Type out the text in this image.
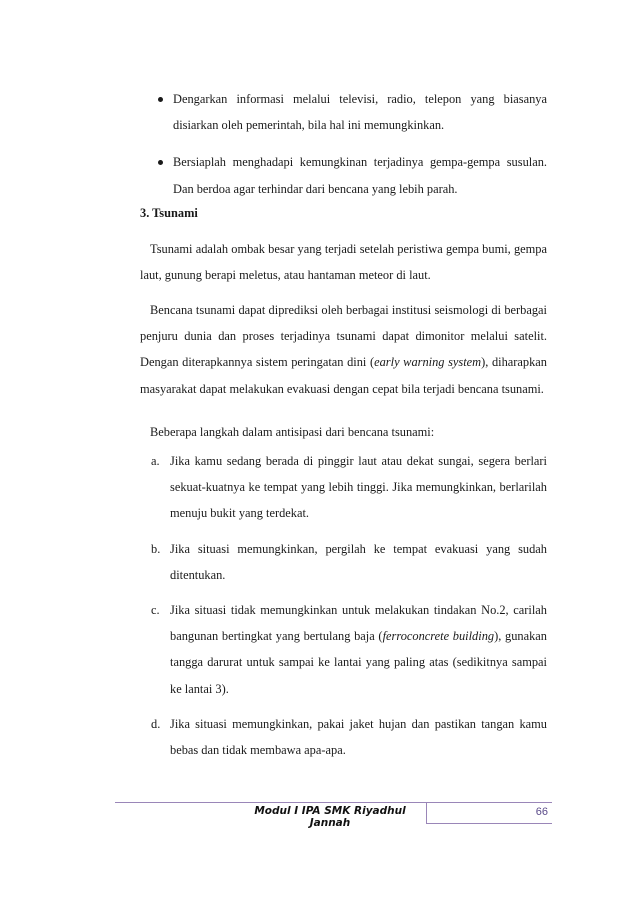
Dengarkan informasi melalui televisi, radio, telepon yang biasanya disiarkan oleh pemerintah, bila hal ini memungkinkan.
Bersiaplah menghadapi kemungkinan terjadinya gempa-gempa susulan. Dan berdoa agar terhindar dari bencana yang lebih parah.

3. Tsunami

Tsunami adalah ombak besar yang terjadi setelah peristiwa gempa bumi, gempa laut, gunung berapi meletus, atau hantaman meteor di laut.

Bencana tsunami dapat diprediksi oleh berbagai institusi seismologi di berbagai penjuru dunia dan proses terjadinya tsunami dapat dimonitor melalui satelit. Dengan diterapkannya sistem peringatan dini (early warning system), diharapkan masyarakat dapat melakukan evakuasi dengan cepat bila terjadi bencana tsunami.

Beberapa langkah dalam antisipasi dari bencana tsunami:

a. Jika kamu sedang berada di pinggir laut atau dekat sungai, segera berlari sekuat-kuatnya ke tempat yang lebih tinggi. Jika memungkinkan, berlarilah menuju bukit yang terdekat.
b. Jika situasi memungkinkan, pergilah ke tempat evakuasi yang sudah ditentukan.
c. Jika situasi tidak memungkinkan untuk melakukan tindakan No.2, carilah bangunan bertingkat yang bertulang baja (ferroconcrete building), gunakan tangga darurat untuk sampai ke lantai yang paling atas (sedikitnya sampai ke lantai 3).
d. Jika situasi memungkinkan, pakai jaket hujan dan pastikan tangan kamu bebas dan tidak membawa apa-apa.
Modul I IPA SMK Riyadhul Jannah
66
